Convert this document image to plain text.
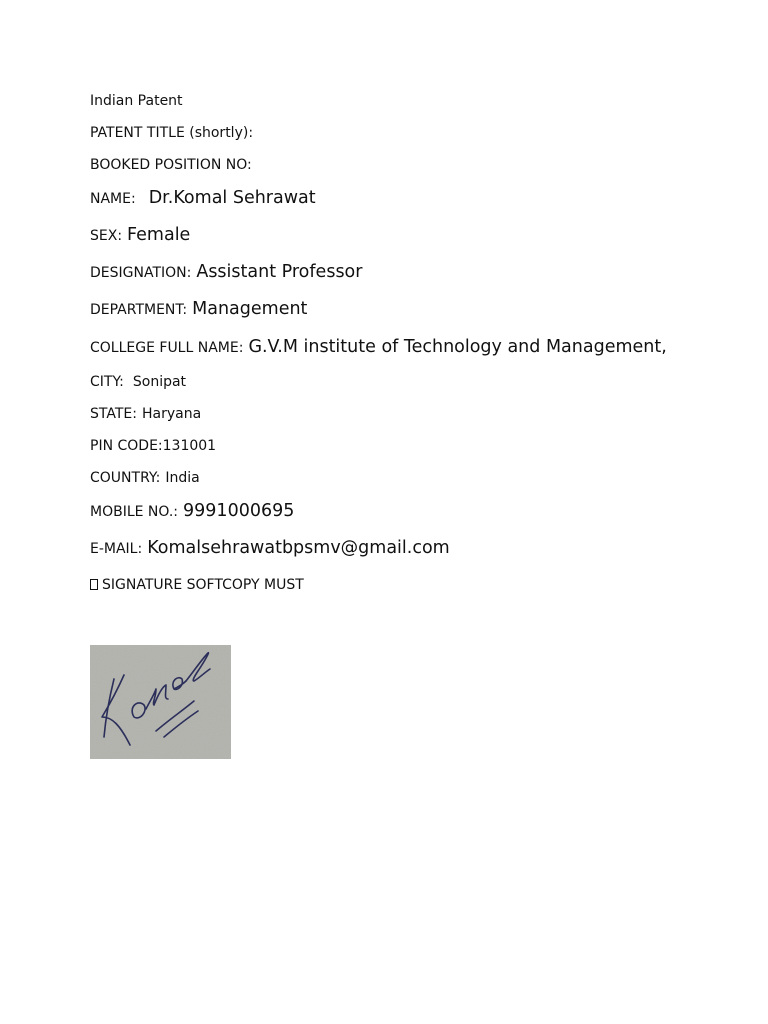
Indian Patent
PATENT TITLE (shortly):
BOOKED POSITION NO:
NAME: Dr.Komal Sehrawat
SEX: Female
DESIGNATION: Assistant Professor
DEPARTMENT: Management
COLLEGE FULL NAME: G.V.M institute of Technology and Management,
CITY: Sonipat
STATE: Haryana
PIN CODE:131001
COUNTRY: India
MOBILE NO.: 9991000695
E-MAIL: Komalsehrawatbpsmv@gmail.com
SIGNATURE SOFTCOPY MUST
